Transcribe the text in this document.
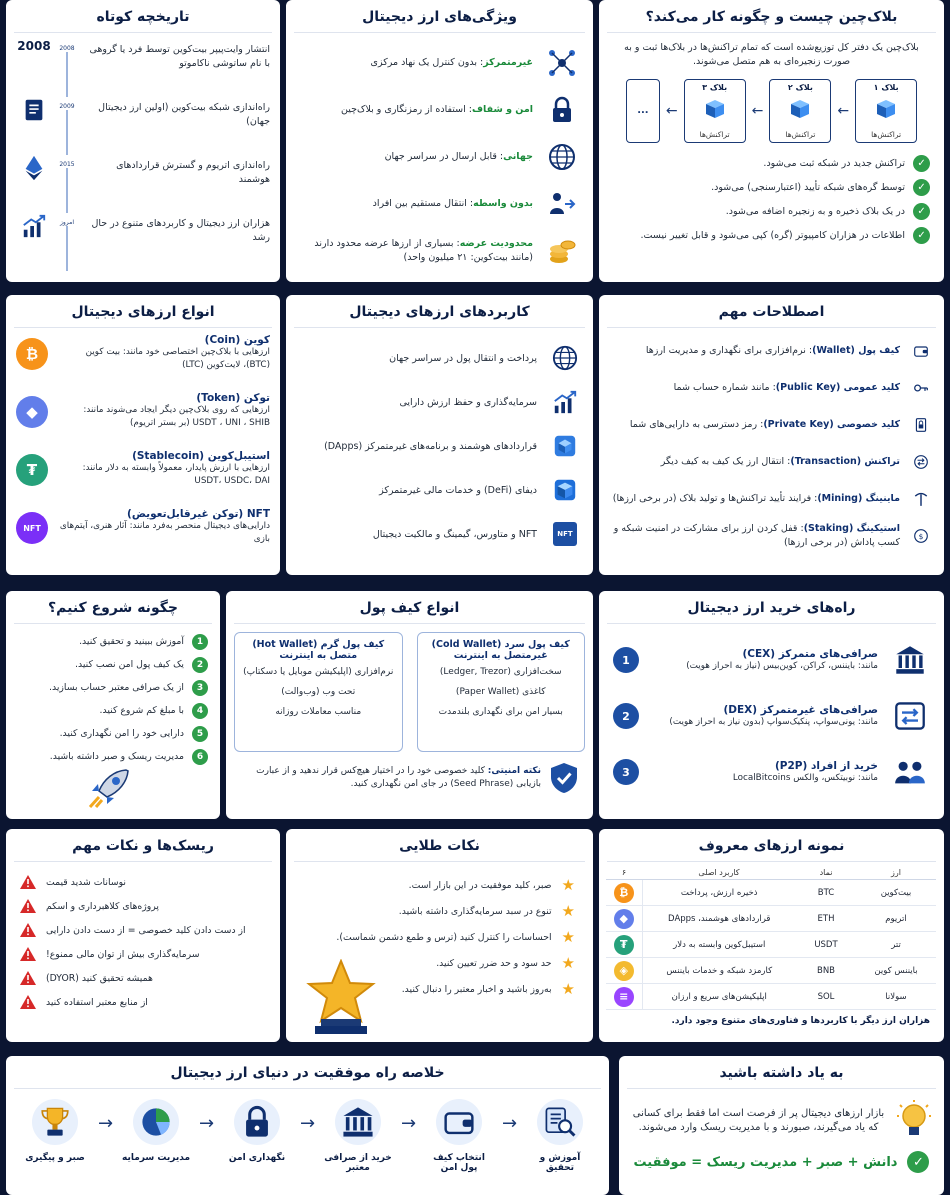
بلاک‌چین چیست و چگونه کار می‌کند؟
بلاک‌چین یک دفتر کل توزیع‌شده است که تمام تراکنش‌ها در بلاک‌ها ثبت و به صورت زنجیره‌ای به هم متصل می‌شوند.
بلاک ۱
تراکنش‌ها
←
بلاک ۲
تراکنش‌ها
←
بلاک ۳
تراکنش‌ها
←
...
✓
تراکنش جدید در شبکه ثبت می‌شود.
✓
توسط گره‌های شبکه تأیید (اعتبارسنجی) می‌شود.
✓
در یک بلاک ذخیره و به زنجیره اضافه می‌شود.
✓
اطلاعات در هزاران کامپیوتر (گره) کپی می‌شود و قابل تغییر نیست.
ویژگی‌های ارز دیجیتال
غیرمتمرکز: بدون کنترل یک نهاد مرکزی
امن و شفاف: استفاده از رمزنگاری و بلاک‌چین
جهانی: قابل ارسال در سراسر جهان
بدون واسطه: انتقال مستقیم بین افراد
محدودیت عرضه: بسیاری از ارزها عرضه محدود دارند (مانند بیت‌کوین: ۲۱ میلیون واحد)
تاریخچه کوتاه
2008 2008	انتشار وایت‌پیپر بیت‌کوین توسط فرد یا گروهی با نام ساتوشی ناکاموتو
2009	راه‌اندازی شبکه بیت‌کوین (اولین ارز دیجیتال جهان)
2015	راه‌اندازی اتریوم و گسترش قراردادهای هوشمند
امروز	هزاران ارز دیجیتال و کاربردهای متنوع در حال رشد
اصطلاحات مهم
کیف پول (Wallet): نرم‌افزاری برای نگهداری و مدیریت ارزها
کلید عمومی (Public Key): مانند شماره حساب شما
کلید خصوصی (Private Key): رمز دسترسی به دارایی‌های شما
تراکنش (Transaction): انتقال ارز یک کیف به کیف دیگر
ماینینگ (Mining): فرایند تأیید تراکنش‌ها و تولید بلاک (در برخی ارزها)
$
استیکینگ (Staking): قفل کردن ارز برای مشارکت در امنیت شبکه و کسب پاداش (در برخی ارزها)
کاربردهای ارزهای دیجیتال
پرداخت و انتقال پول در سراسر جهان
سرمایه‌گذاری و حفظ ارزش دارایی
قراردادهای هوشمند و برنامه‌های غیرمتمرکز (DApps)
دیفای (DeFi) و خدمات مالی غیرمتمرکز
NFT
NFT و متاورس، گیمینگ و مالکیت دیجیتال
انواع ارزهای دیجیتال
کوین (Coin)
ارزهایی با بلاک‌چین اختصاصی خود مانند: بیت کوین (BTC)، لایت‌کوین (LTC)
₿
توکن (Token)
ارزهایی که روی بلاک‌چین دیگر ایجاد می‌شوند مانند: USDT ، UNI ، SHIB (بر بستر اتریوم)
◆
استیبل‌کوین (Stablecoin)
ارزهایی با ارزش پایدار، معمولاً وابسته به دلار مانند: USDT، USDC، DAI
₮
NFT (توکن غیرقابل‌تعویض)
دارایی‌های دیجیتال منحصر به‌فرد مانند: آثار هنری، آیتم‌های بازی
NFT
راه‌های خرید ارز دیجیتال
صرافی‌های متمرکز (CEX)
مانند: بایننس، کراکن، کوین‌بیس (نیاز به احراز هویت)
1
صرافی‌های غیرمتمرکز (DEX)
مانند: یونی‌سواپ، پنکیک‌سواپ (بدون نیاز به احراز هویت)
2
خرید از افراد (P2P)
مانند: نوبیتکس، والکس LocalBitcoins
3
انواع کیف پول
کیف پول سرد (Cold Wallet)
غیرمتصل به اینترنت
سخت‌افزاری (Ledger, Trezor)
کاغذی (Paper Wallet)
بسیار امن برای نگهداری بلندمدت
کیف پول گرم (Hot Wallet)
متصل به اینترنت
نرم‌افزاری (اپلیکیشن موبایل یا دسکتاپ)
تحت وب (وب‌والت)
مناسب معاملات روزانه
نکته امنیتی: کلید خصوصی خود را در اختیار هیچ‌کس قرار ندهید و از عبارت بازیابی (Seed Phrase) در جای امن نگهداری کنید.
چگونه شروع کنیم؟
1
آموزش ببینید و تحقیق کنید.
2
یک کیف پول امن نصب کنید.
3
از یک صرافی معتبر حساب بسازید.
4
با مبلغ کم شروع کنید.
5
دارایی خود را امن نگهداری کنید.
6
مدیریت ریسک و صبر داشته باشید.
نمونه ارزهای معروف
ارز	نماد	کاربرد اصلی	۶
بیت‌کوین	BTC	ذخیره ارزش، پرداخت	₿

اتریوم	ETH	قراردادهای هوشمند، DApps	◆

تتر	USDT	استیبل‌کوین وابسته به دلار	₮

بایننس کوین	BNB	کارمزد شبکه و خدمات بایننس	◈

سولانا	SOL	اپلیکیشن‌های سریع و ارزان	≡
هزاران ارز دیگر با کاربردها و فناوری‌های متنوع وجود دارد.
نکات طلایی
★
صبر، کلید موفقیت در این بازار است.
★
تنوع در سبد سرمایه‌گذاری داشته باشید.
★
احساسات را کنترل کنید (ترس و طمع دشمن شماست).
★
حد سود و حد ضرر تعیین کنید.
★
به‌روز باشید و اخبار معتبر را دنبال کنید.
ریسک‌ها و نکات مهم
نوسانات شدید قیمت
پروژه‌های کلاهبرداری و اسکم
از دست دادن کلید خصوصی = از دست دادن دارایی
سرمایه‌گذاری بیش از توان مالی ممنوع!
همیشه تحقیق کنید (DYOR)
از منابع معتبر استفاده کنید
به یاد داشته باشید
بازار ارزهای دیجیتال پر از فرصت است اما فقط برای کسانی که یاد می‌گیرند، صبورند و با مدیریت ریسک وارد می‌شوند.
✓
دانش + صبر + مدیریت ریسک = موفقیت
خلاصه راه موفقیت در دنیای ارز دیجیتال
آموزش و تحقیق
→
انتخاب کیف پول امن
→
خرید از صرافی معتبر
→
نگهداری امن
→
مدیریت سرمایه
→
صبر و پیگیری
